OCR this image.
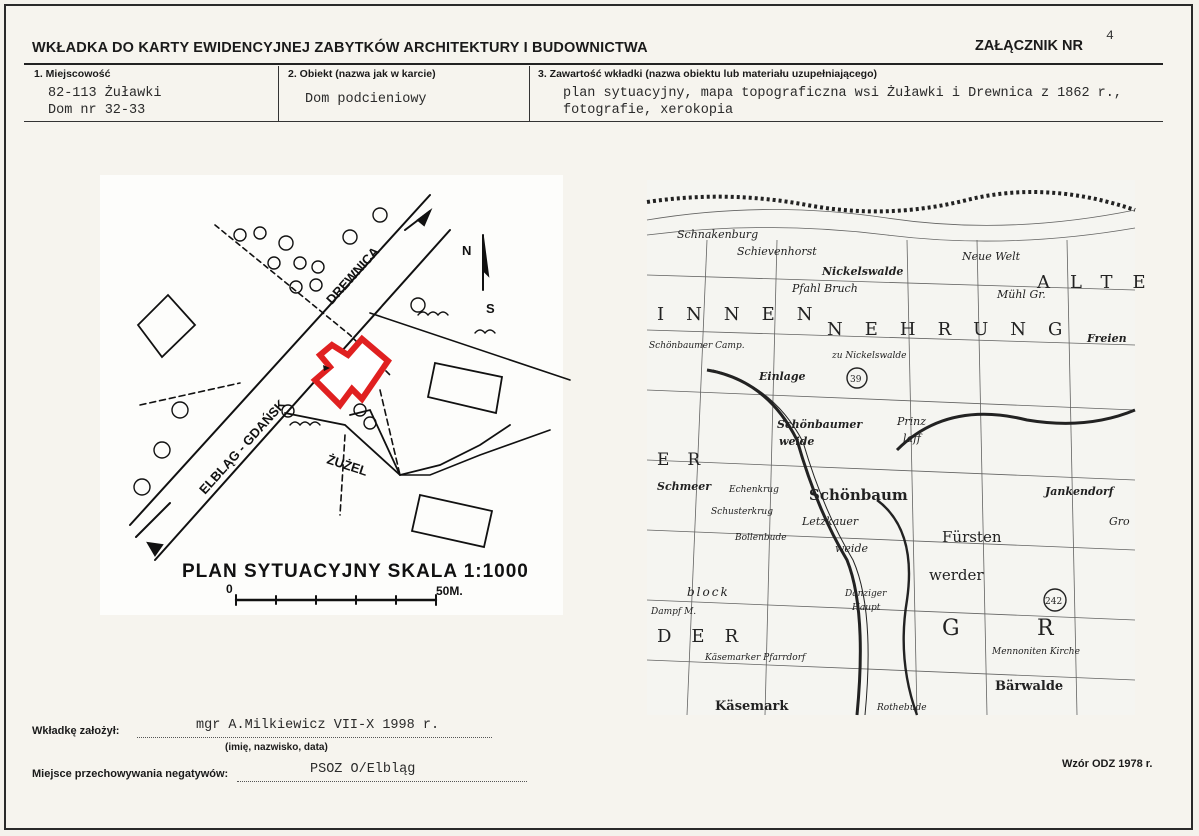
WKŁADKA DO KARTY EWIDENCYJNEJ ZABYTKÓW ARCHITEKTURY I BUDOWNICTWA	ZAŁĄCZNIK NR
4
1. Miejscowość	2. Obiekt (nazwa jak w karcie)	3. Zawartość wkładki (nazwa obiektu lub materiału uzupełniającego)
82-113 Żuławki
Dom nr 32-33
Dom podcieniowy	plan sytuacyjny, mapa topograficzna wsi Żuławki i Drewnica z 1862 r.,
fotografie, xerokopia
ELBLĄG - GDAŃSK
DREWNICA
ŻUŻEL
N
S
PLAN SYTUACYJNY SKALA 1:1000
0	50M.
Schnakenburg
Schievenhorst
Nickelswalde
Neue Welt
ALTE
Pfahl Bruch	Mühl Gr.
INNEN
NEHRUNG Freien
Schönbaumer Camp.
zu Nickelswalde
Einlage	39
Schönbaumer
weide
Prinz
laff
ER
Schmeer	Schönbaum	Jankendorf
Gro
Fürsten
werder
Letzkauer
weide
Danziger
Haupt
block
DER	G	R
Bärwalde
Käsemarker Pfarrdorf
Käsemark	Rothebude
Mennoniten Kirche
242
Echenkrug
Schusterkrug
Bollenbude
Dampf M.
Wkładkę założył:	mgr A.Milkiewicz VII-X 1998 r.
(imię, nazwisko, data)
Miejsce przechowywania negatywów:	PSOZ O/Elbląg	Wzór ODZ 1978 r.
